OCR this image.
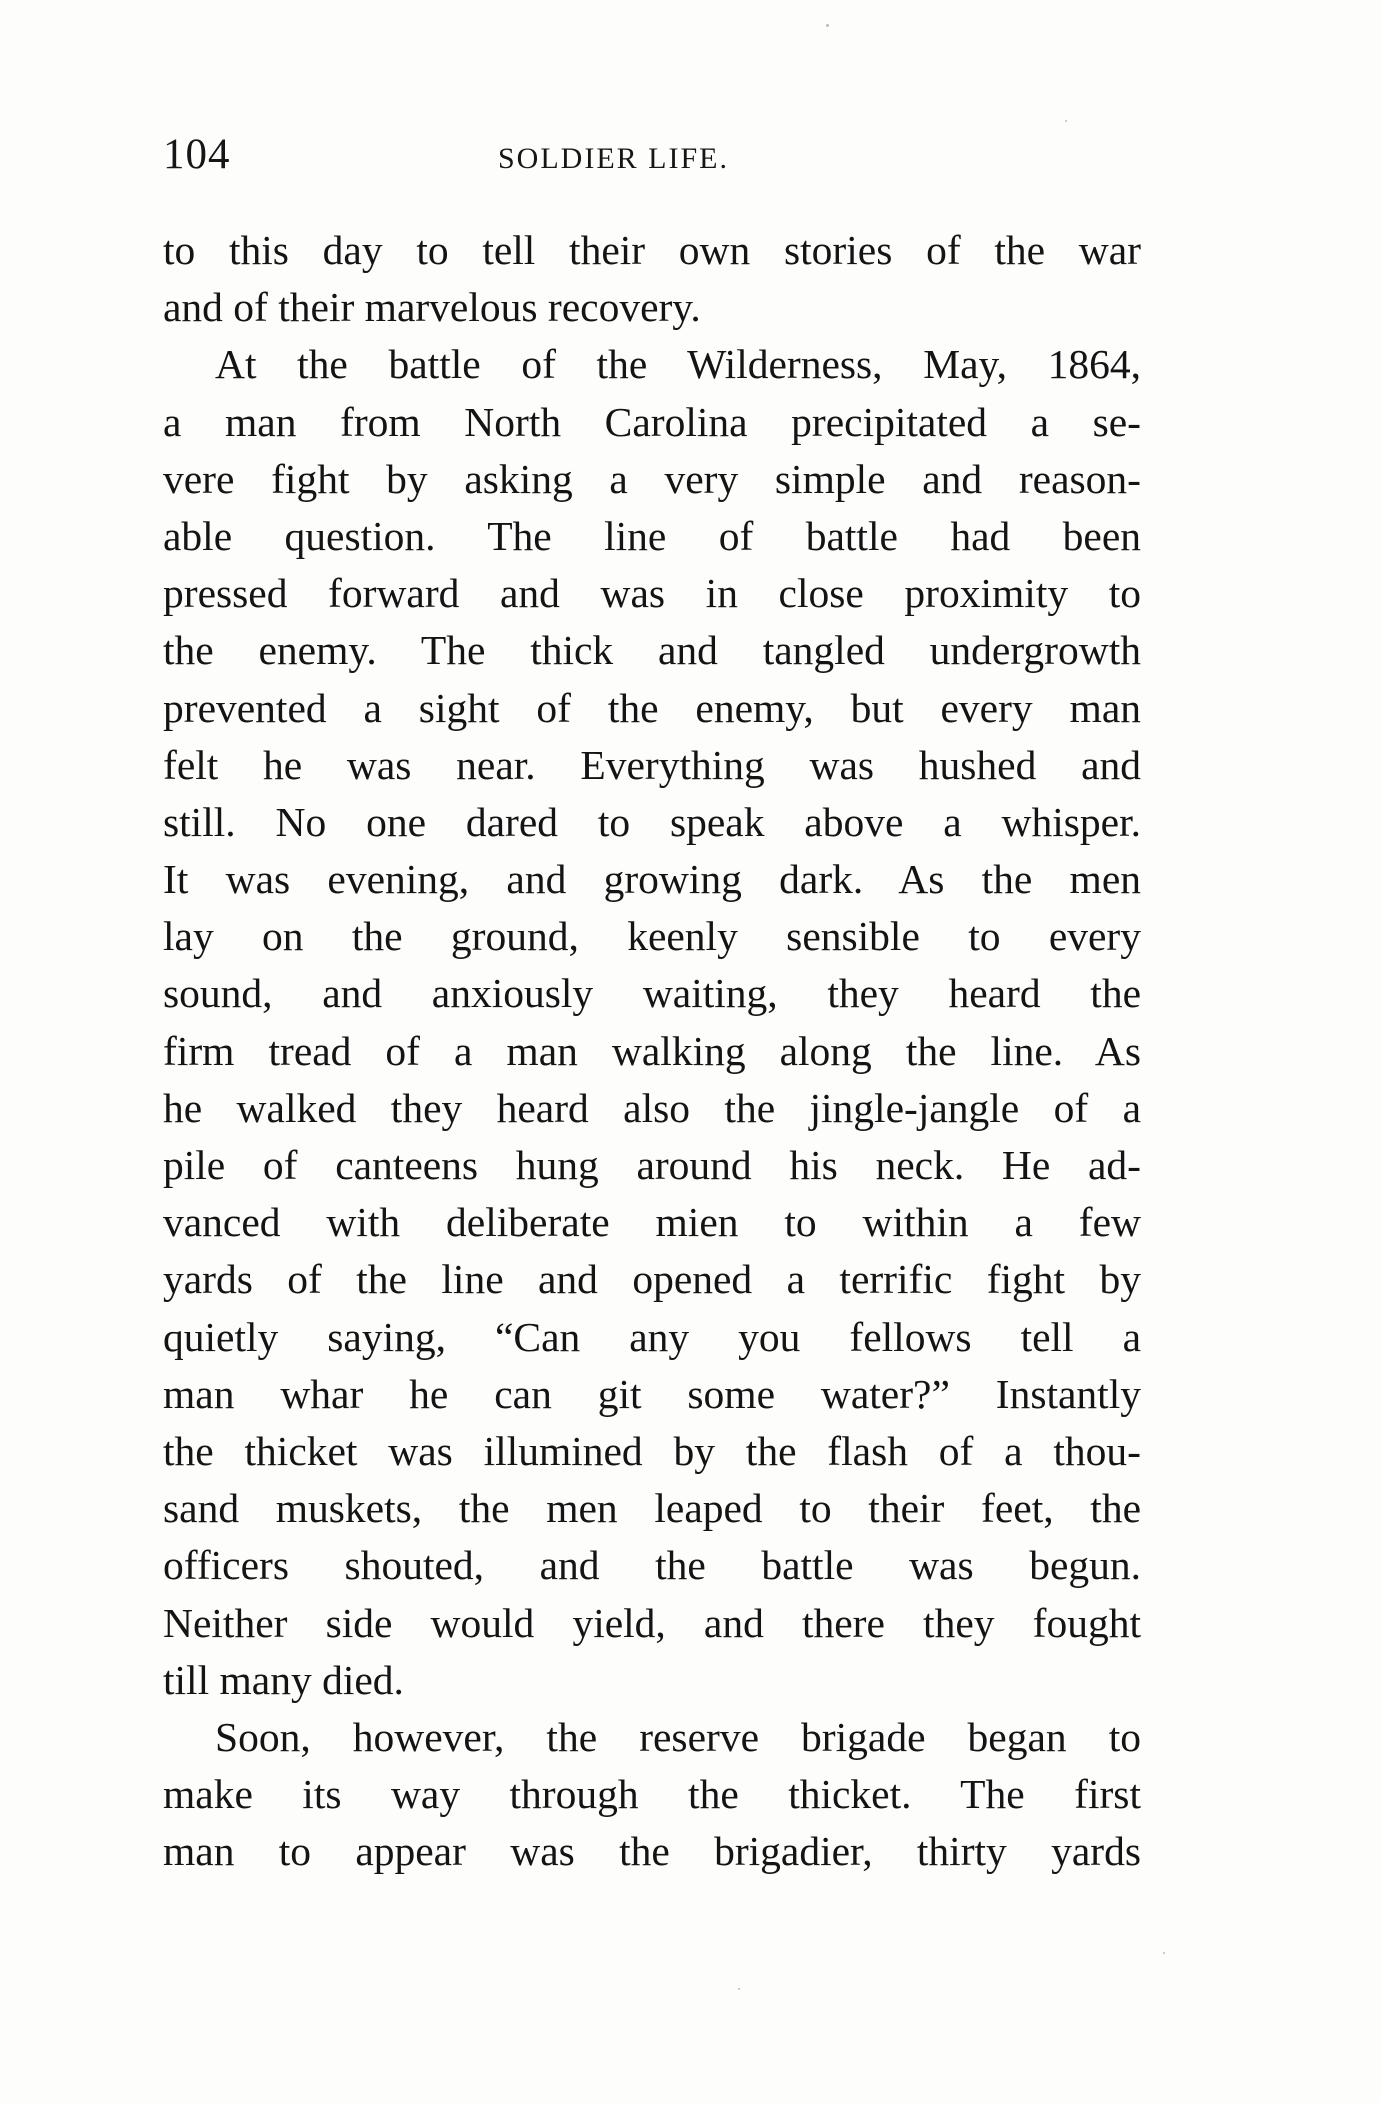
104	SOLDIER LIFE.
to this day to tell their own stories of the war
and of their marvelous recovery.
At the battle of the Wilderness, May, 1864,
a man from North Carolina precipitated a se-
vere fight by asking a very simple and reason-
able question. The line of battle had been
pressed forward and was in close proximity to
the enemy. The thick and tangled undergrowth
prevented a sight of the enemy, but every man
felt he was near. Everything was hushed and
still. No one dared to speak above a whisper.
It was evening, and growing dark. As the men
lay on the ground, keenly sensible to every
sound, and anxiously waiting, they heard the
firm tread of a man walking along the line. As
he walked they heard also the jingle-jangle of a
pile of canteens hung around his neck. He ad-
vanced with deliberate mien to within a few
yards of the line and opened a terrific fight by
quietly saying, “Can any you fellows tell a
man whar he can git some water?” Instantly
the thicket was illumined by the flash of a thou-
sand muskets, the men leaped to their feet, the
officers shouted, and the battle was begun.
Neither side would yield, and there they fought
till many died.
Soon, however, the reserve brigade began to
make its way through the thicket. The first
man to appear was the brigadier, thirty yards
